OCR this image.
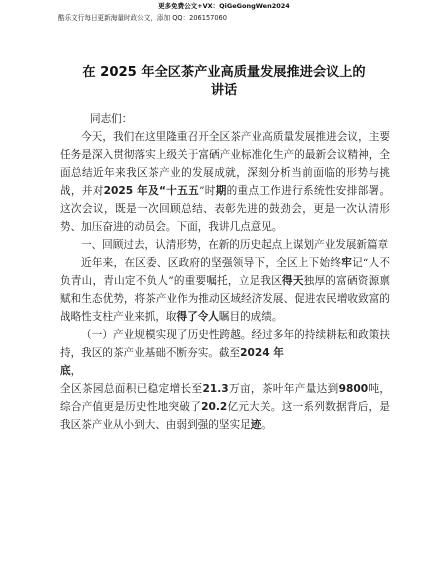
更多免费公文+VX：QiGeGongWen2024
酷乐文行每日更新海量时政公文，添加 QQ：206157060
在 2025 年全区茶产业高质量发展推进会议上的
讲话
同志们：

今天，我们在这里隆重召开全区茶产业高质量发展推进会议，主要任务是深入贯彻落实上级关于富硒产业标准化生产的最新会议精神，全面总结近年来我区茶产业的发展成就，深刻分析当前面临的形势与挑战，并对2025 年及“十五五”时期的重点工作进行系统性安排部署。这次会议，既是一次回顾总结、表彰先进的鼓劲会，更是一次认清形势、加压奋进的动员会。下面，我讲几点意见。

一、回顾过去，认清形势，在新的历史起点上谋划产业发展新篇章

近年来，在区委、区政府的坚强领导下，全区上下始终牢记“人不负青山，青山定不负人”的重要嘱托，立足我区得天独厚的富硒资源禀赋和生态优势，将茶产业作为推动区域经济发展、促进农民增收致富的战略性支柱产业来抓，取得了令人瞩目的成绩。

（一）产业规模实现了历史性跨越。经过多年的持续耕耘和政策扶持，我区的茶产业基础不断夯实。截至2024 年
底，

全区茶园总面积已稳定增长至21.3万亩，茶叶年产量达到9800吨，综合产值更是历史性地突破了20.2亿元大关。这一系列数据背后，是我区茶产业从小到大、由弱到强的坚实足迹。
